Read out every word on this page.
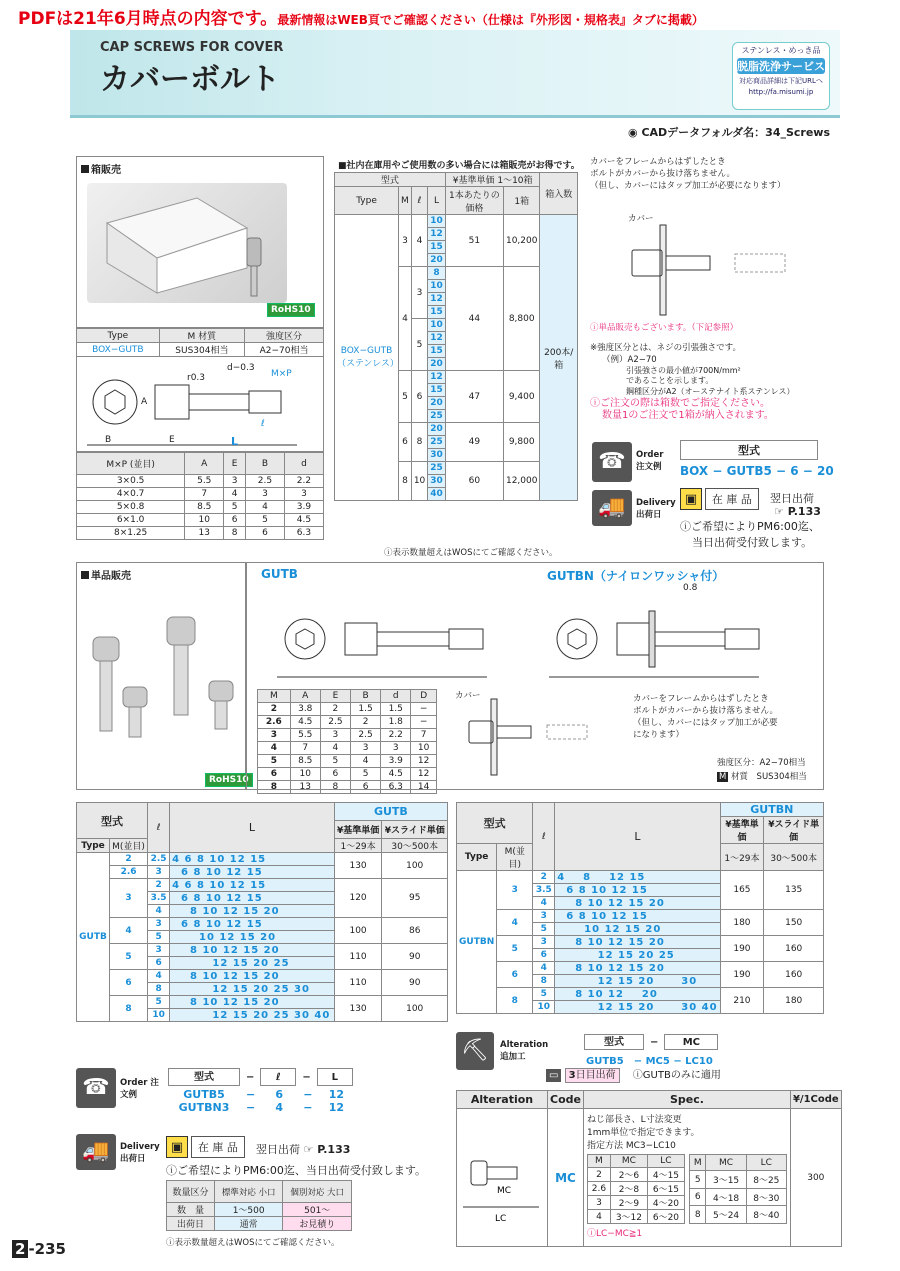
PDFは21年6月時点の内容です。最新情報はWEB頁でご確認ください（仕様は『外形図・規格表』タブに掲載）
CAP SCREWS FOR COVER
カバーボルト
ステンレス・めっき品
脱脂洗浄サービス
対応商品詳細は下記URLへ
http://fa.misumi.jp
◉ CADデータフォルダ名：34_Screws
箱販売
RoHS10
Type	M 材質	強度区分
BOX−GUTB	SUS304相当	A2−70相当
r0.3
d−0.3
M×P
A
ℓ
B	E	L
M×P (並目)	A	E	B	d
3×0.5	5.5	3	2.5	2.2
4×0.7	7	4	3	3
5×0.8	8.5	5	4	3.9
6×1.0	10	6	5	4.5
8×1.25	13	8	6	6.3
■社内在庫用やご使用数の多い場合には箱販売がお得です。
型式				¥基準単価 1〜10箱		箱入数
Type	M	ℓ	L	1本あたりの価格	1箱	

BOX−GUTB
（ステンレス）	3	4	10	51	10,200	200本/箱
			12			
			15			
			20			
	4	3	8	44	8,800	
			10			
			12			
			15			
		5	10			
			12			
			15			
			20			
	5	6	12	47	9,400	
			15			
			20			
			25			
	6	8	20	49	9,800	
			25			
			30			
	8	10	25	60	12,000	
			30			
			40			
ⓘ表示数量超えはWOSにてご確認ください。
カバーをフレームからはずしたとき
ボルトがカバーから抜け落ちません。
（但し、カバーにはタップ加工が必要になります）
カバー
ⓘ単品販売もございます。（下記参照）
※強度区分とは、ネジの引張強さです。
（例）A2−70
引張強さの最小値が700N/mm²であることを示します。
鋼種区分がA2（オーステナイト系ステンレス）
ⓘご注文の際は箱数でご指定ください。
数量1のご注文で1箱が納入されます。
☎	Order 注文例
型式
BOX − GUTB5 − 6 − 20
🚚	Delivery 出荷日
▣ 在 庫 品	翌日出荷
☞ P.133
ⓘご希望によりPM6:00迄、
当日出荷受付致します。
単品販売
RoHS10
GUTB	GUTBN（ナイロンワッシャ付）
0.8
M	A	E	B	d	D
2	3.8	2	1.5	1.5	−
2.6	4.5	2.5	2	1.8	−
3	5.5	3	2.5	2.2	7
4	7	4	3	3	10
5	8.5	5	4	3.9	12
6	10	6	5	4.5	12
8	13	8	6	6.3	14
カバー	カバーをフレームからはずしたとき
ボルトがカバーから抜け落ちません。
（但し、カバーにはタップ加工が必要
になります）
強度区分：A2−70相当
M 材質　SUS304相当
型式		ℓ	L	GUTB	
				¥基準単価	¥スライド単価
Type	M(並目)			1〜29本	30〜500本
GUTB	2	2.5	4 6 8 10 12 15	130	100
	2.6	3	6 8 10 12 15		
	3	2	4 6 8 10 12 15	120	95
		3.5	6 8 10 12 15		
		4	8 10 12 15 20		
	4	3	6 8 10 12 15	100	86
		5	10 12 15 20		
	5	3	8 10 12 15 20	110	90
		6	12 15 20 25		
	6	4	8 10 12 15 20	110	90
		8	12 15 20 25 30		
	8	5	8 10 12 15 20	130	100
		10	12 15 20 25 30 40		
型式		ℓ	L	GUTBN	
				¥基準単価	¥スライド単価
Type	M(並目)			1〜29本	30〜500本
GUTBN	3	2	4    8    12 15	165	135
		3.5	6 8 10 12 15		
		4	8 10 12 15 20		
	4	3	6 8 10 12 15	180	150
		5	10 12 15 20		
	5	3	8 10 12 15 20	190	160
		6	12 15 20 25		
	6	4	8 10 12 15 20	190	160
		8	12 15 20      30		
	8	5	8 10 12    20	210	180
		10	12 15 20      30 40		
☎	Order 注文例
型式	−	ℓ	−	L
GUTB5	−	6	−	12
GUTBN3	−	4	−	12
🚚	Delivery 出荷日
▣ 在 庫 品	翌日出荷 ☞ P.133
ⓘご希望によりPM6:00迄、当日出荷受付致します。
数量区分	標準対応 小口	個別対応 大口

数　量	1〜500	501〜
出荷日	通常	お見積り
ⓘ表示数量超えはWOSにてご確認ください。
⛏	Alteration 追加工
型式	−	MC
GUTB5　− MC5 − LC10
▭ 3日目出荷 ⓘGUTBのみに適用
Alteration	Code	Spec.	¥/1Code

MC
LC
	MC	
ねじ部長さ、L寸法変更
1mm単位で指定できます。
指定方法 MC3−LC10
M	MC	LC
2	2〜6	4〜15
2.6	2〜8	6〜15
3	2〜9	4〜20
4	3〜12	6〜20
M	MC	LC
5	3〜15	8〜25
6	4〜18	8〜30
8	5〜24	8〜40
ⓘLC−MC≧1
	300
2 -235
